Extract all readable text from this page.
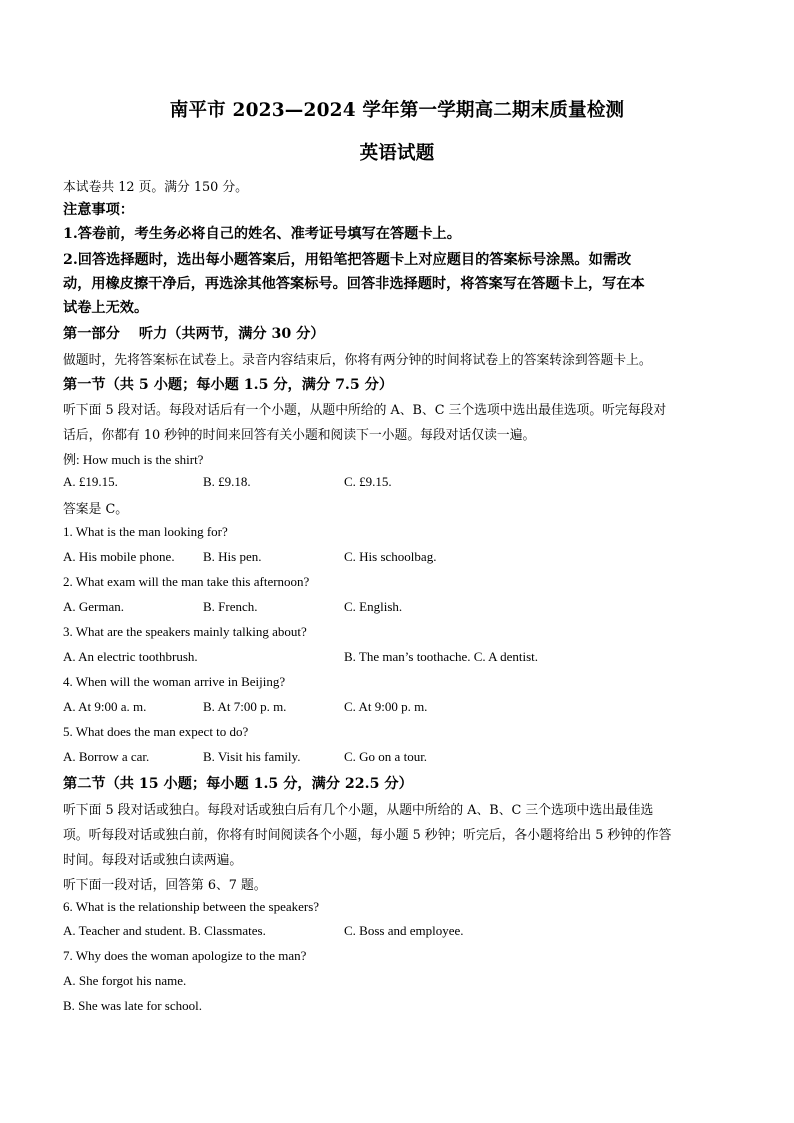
南平市 2023—2024 学年第一学期高二期末质量检测
英语试题
本试卷共 12 页。满分 150 分。
注意事项：
1.答卷前，考生务必将自己的姓名、准考证号填写在答题卡上。
2.回答选择题时，选出每小题答案后，用铅笔把答题卡上对应题目的答案标号涂黑。如需改
动，用橡皮擦干净后，再选涂其他答案标号。回答非选择题时，将答案写在答题卡上，写在本
试卷上无效。
第一部分　 听力（共两节，满分 30 分）
做题时，先将答案标在试卷上。录音内容结束后，你将有两分钟的时间将试卷上的答案转涂到答题卡上。
第一节（共 5 小题；每小题 1.5 分，满分 7.5 分）
听下面 5 段对话。每段对话后有一个小题，从题中所给的 A、B、C 三个选项中选出最佳选项。听完每段对
话后，你都有 10 秒钟的时间来回答有关小题和阅读下一小题。每段对话仅读一遍。
例: How much is the shirt?
A. £19.15.	B. £9.18.	C. £9.15.
答案是 C。
1. What is the man looking for?
A. His mobile phone. B. His pen.	C. His schoolbag.
2. What exam will the man take this afternoon?
A. German.	B. French.	C. English.
3. What are the speakers mainly talking about?
A. An electric toothbrush.	B. The man’s toothache. C. A dentist.
4. When will the woman arrive in Beijing?
A. At 9:00 a. m.	B. At 7:00 p. m.	C. At 9:00 p. m.
5. What does the man expect to do?
A. Borrow a car.	B. Visit his family.	C. Go on a tour.
第二节（共 15 小题；每小题 1.5 分，满分 22.5 分）
听下面 5 段对话或独白。每段对话或独白后有几个小题，从题中所给的 A、B、C 三个选项中选出最佳选
项。听每段对话或独白前，你将有时间阅读各个小题，每小题 5 秒钟；听完后，各小题将给出 5 秒钟的作答
时间。每段对话或独白读两遍。
听下面一段对话，回答第 6、7 题。
6. What is the relationship between the speakers?
A. Teacher and student. B. Classmates.	C. Boss and employee.
7. Why does the woman apologize to the man?
A. She forgot his name.
B. She was late for school.
